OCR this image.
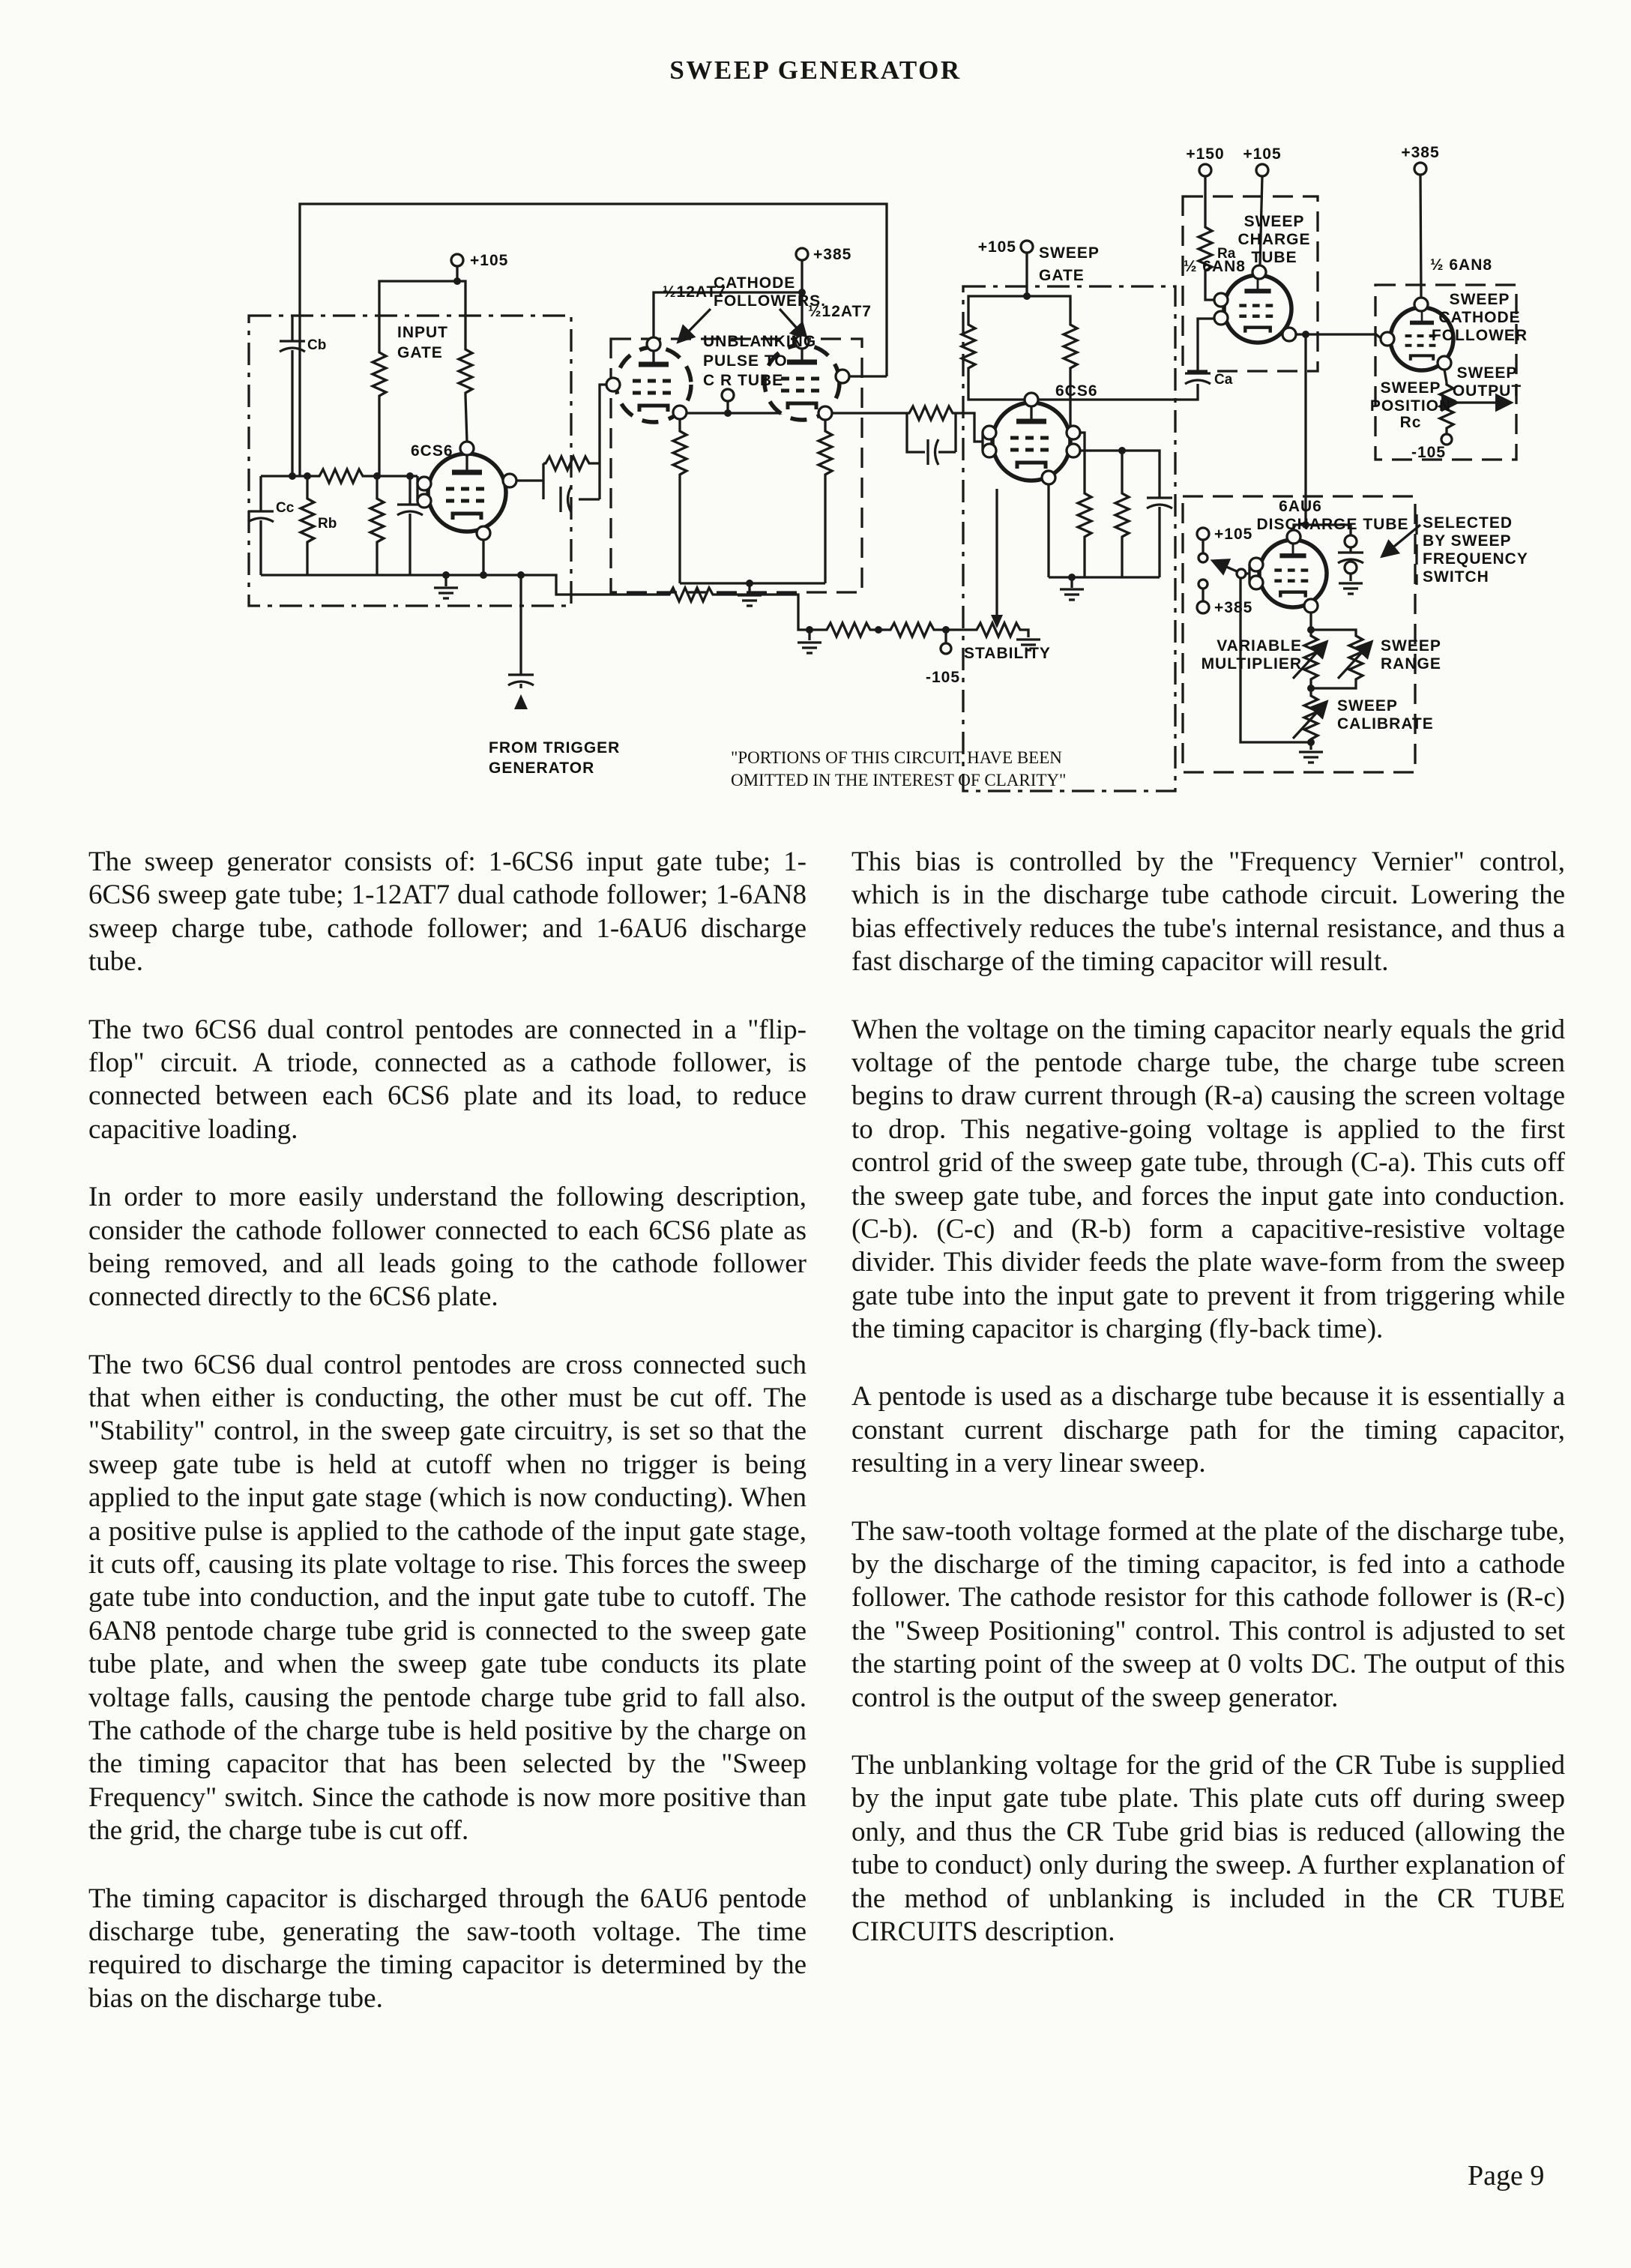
SWEEP GENERATOR
INPUT
GATE
+105
Cb
Cc
Rb
6CS6
½12AT7
½12AT7
CATHODE
FOLLOWERS.
UNBLANKING
PULSE TO
C R TUBE
+385	+105 SWEEP
GATE
6CS6
+150 +105	+385
SWEEP
CHARGE
TUBE
Ra
Ca
½ 6AN8	½ 6AN8
SWEEP
CATHODE
FOLLOWER
SWEEP
POSITION
Rc
SWEEP
OUTPUT
-105
6AU6
DISCHARGE TUBE SELECTED
BY SWEEP
FREQUENCY
SWITCH
+105
+385
VARIABLE
MULTIPLIER
SWEEP
RANGE
SWEEP
CALIBRATE
STABILITY
-105
FROM TRIGGER
GENERATOR
"PORTIONS OF THIS CIRCUIT HAVE BEEN
OMITTED IN THE INTEREST OF CLARITY"

The sweep generator consists of: 1-6CS6 input gate tube; 1-6CS6 sweep gate tube; 1-12AT7 dual cathode follower; 1-6AN8 sweep charge tube, cathode follower; and 1-6AU6 discharge tube.

The two 6CS6 dual control pentodes are connected in a "flip-flop" circuit. A triode, connected as a cathode follower, is connected between each 6CS6 plate and its load, to reduce capacitive loading.

In order to more easily understand the following description, consider the cathode follower connected to each 6CS6 plate as being removed, and all leads going to the cathode follower connected directly to the 6CS6 plate.

The two 6CS6 dual control pentodes are cross connected such that when either is conducting, the other must be cut off. The "Stability" control, in the sweep gate circuitry, is set so that the sweep gate tube is held at cutoff when no trigger is being applied to the input gate stage (which is now conducting). When a positive pulse is applied to the cathode of the input gate stage, it cuts off, causing its plate voltage to rise. This forces the sweep gate tube into conduction, and the input gate tube to cutoff. The 6AN8 pentode charge tube grid is connected to the sweep gate tube plate, and when the sweep gate tube conducts its plate voltage falls, causing the pentode charge tube grid to fall also. The cathode of the charge tube is held positive by the charge on the timing capacitor that has been selected by the "Sweep Frequency" switch. Since the cathode is now more positive than the grid, the charge tube is cut off.

The timing capacitor is discharged through the 6AU6 pentode discharge tube, generating the saw-tooth voltage. The time required to discharge the timing capacitor is determined by the bias on the discharge tube.

This bias is controlled by the "Frequency Vernier" control, which is in the discharge tube cathode circuit. Lowering the bias effectively reduces the tube's internal resistance, and thus a fast discharge of the timing capacitor will result.

When the voltage on the timing capacitor nearly equals the grid voltage of the pentode charge tube, the charge tube screen begins to draw current through (R-a) causing the screen voltage to drop. This negative-going voltage is applied to the first control grid of the sweep gate tube, through (C-a). This cuts off the sweep gate tube, and forces the input gate into conduction. (C-b). (C-c) and (R-b) form a capacitive-resistive voltage divider. This divider feeds the plate wave-form from the sweep gate tube into the input gate to prevent it from triggering while the timing capacitor is charging (fly-back time).

A pentode is used as a discharge tube because it is essentially a constant current discharge path for the timing capacitor, resulting in a very linear sweep.

The saw-tooth voltage formed at the plate of the discharge tube, by the discharge of the timing capacitor, is fed into a cathode follower. The cathode resistor for this cathode follower is (R-c) the "Sweep Positioning" control. This control is adjusted to set the starting point of the sweep at 0 volts DC. The output of this control is the output of the sweep generator.

The unblanking voltage for the grid of the CR Tube is supplied by the input gate tube plate. This plate cuts off during sweep only, and thus the CR Tube grid bias is reduced (allowing the tube to conduct) only during the sweep. A further explanation of the method of unblanking is included in the CR TUBE CIRCUITS description.

Page 9
